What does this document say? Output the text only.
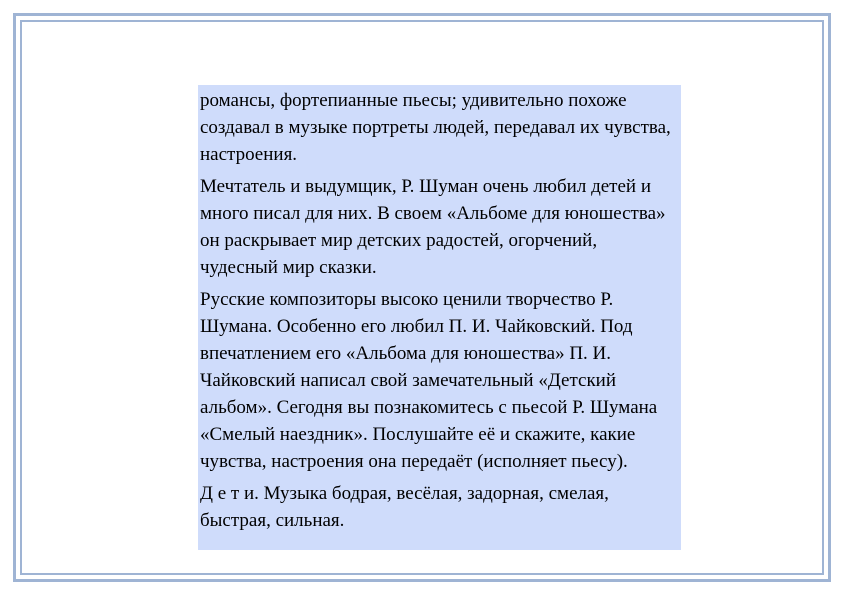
романсы, фортепианные пьесы; удивительно похоже создавал в музыке портреты людей, передавал их чувства, настроения.

Мечтатель и выдумщик, Р. Шуман очень любил детей и много писал для них. В своем «Альбоме для юношества» он раскрывает мир детских радостей, огорчений, чудесный мир сказки.

Русские композиторы высоко ценили творчество Р. Шумана. Особенно его любил П. И. Чайковский. Под впечатлением его «Альбома для юношества» П. И. Чайковский написал свой замечательный «Детский альбом». Сегодня вы познакомитесь с пьесой Р. Шумана «Смелый наездник». Послушайте её и скажите, какие чувства, настроения она передаёт (исполняет пьесу).

Д е т и. Музыка бодрая, весёлая, задорная, смелая, быстрая, сильная.
